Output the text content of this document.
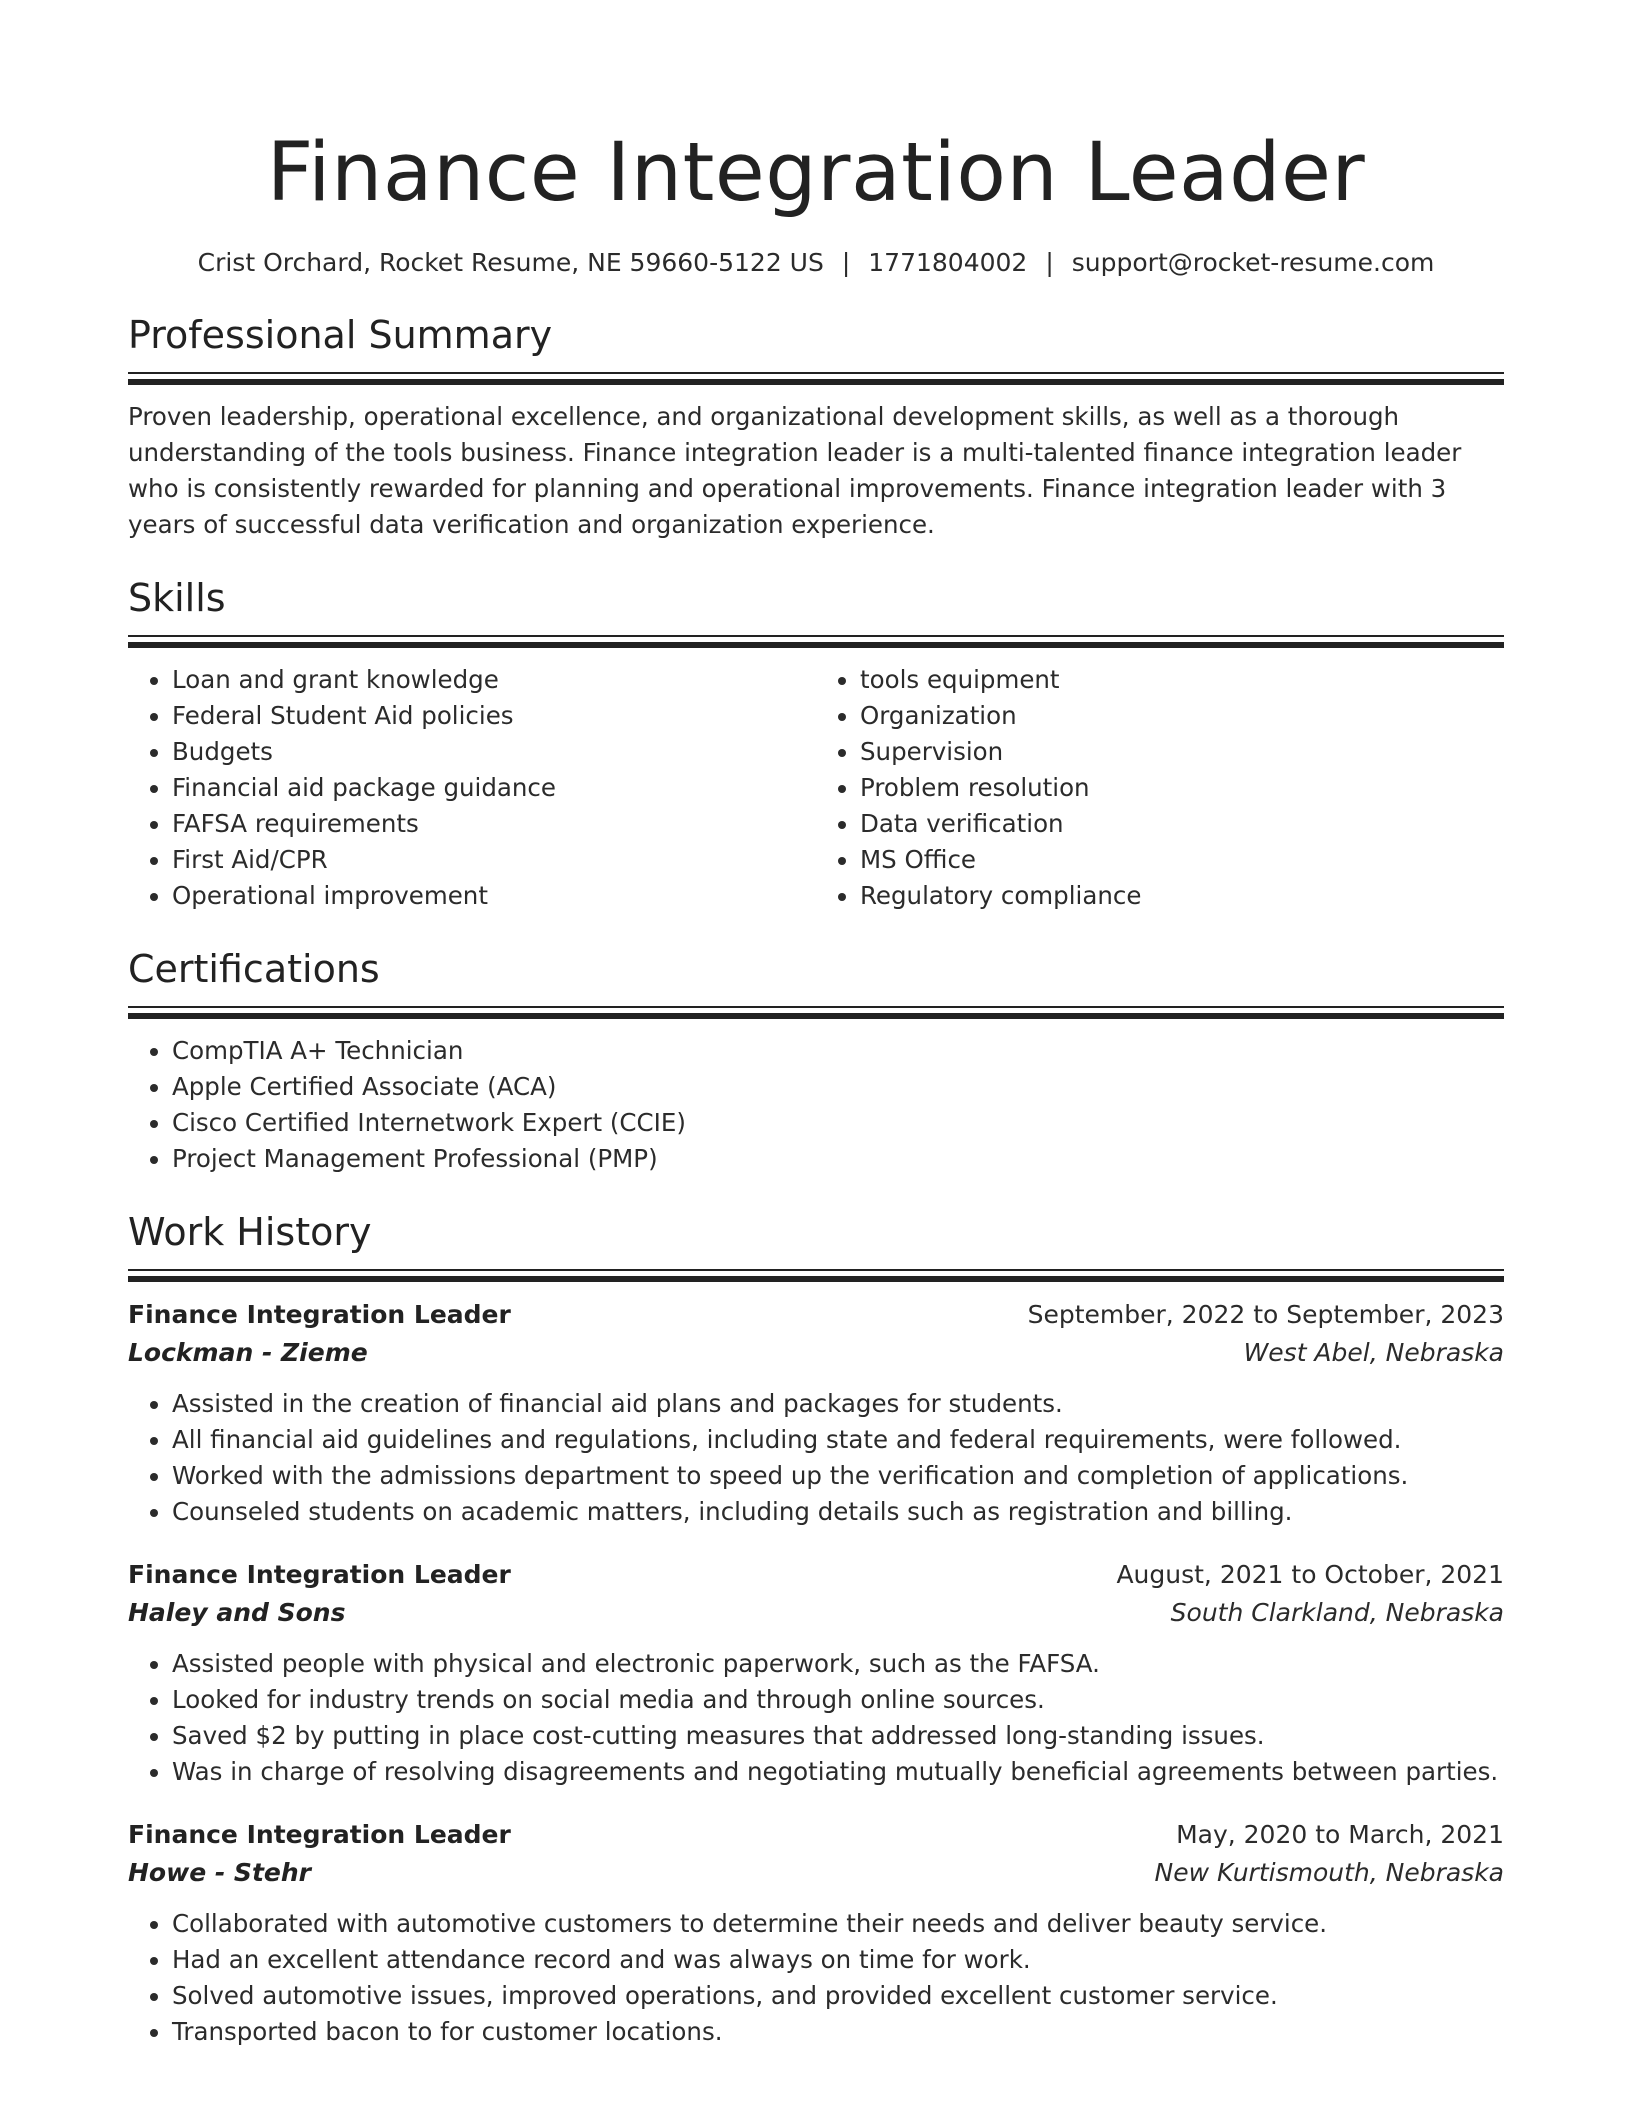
Finance Integration Leader
Crist Orchard, Rocket Resume, NE 59660-5122 US | 1771804002 | support@rocket-resume.com
Professional Summary

Proven leadership, operational excellence, and organizational development skills, as well as a thorough understanding of the tools business. Finance integration leader is a multi-talented finance integration leader who is consistently rewarded for planning and operational improvements. Finance integration leader with 3 years of successful data verification and organization experience.

Skills
• Loan and grant knowledge
• Federal Student Aid policies
• Budgets
• Financial aid package guidance
• FAFSA requirements
• First Aid/CPR
• Operational improvement
• tools equipment
• Organization
• Supervision
• Problem resolution
• Data verification
• MS Office
• Regulatory compliance
Certifications
• CompTIA A+ Technician
• Apple Certified Associate (ACA)
• Cisco Certified Internetwork Expert (CCIE)
• Project Management Professional (PMP)
Work History
Finance Integration Leader	September, 2022 to September, 2023
Lockman - Zieme	West Abel, Nebraska
• Assisted in the creation of financial aid plans and packages for students.
• All financial aid guidelines and regulations, including state and federal requirements, were followed.
• Worked with the admissions department to speed up the verification and completion of applications.
• Counseled students on academic matters, including details such as registration and billing.
Finance Integration Leader	August, 2021 to October, 2021
Haley and Sons	South Clarkland, Nebraska
• Assisted people with physical and electronic paperwork, such as the FAFSA.
• Looked for industry trends on social media and through online sources.
• Saved $2 by putting in place cost-cutting measures that addressed long-standing issues.
• Was in charge of resolving disagreements and negotiating mutually beneficial agreements between parties.
Finance Integration Leader	May, 2020 to March, 2021
Howe - Stehr	New Kurtismouth, Nebraska
• Collaborated with automotive customers to determine their needs and deliver beauty service.
• Had an excellent attendance record and was always on time for work.
• Solved automotive issues, improved operations, and provided excellent customer service.
• Transported bacon to for customer locations.
